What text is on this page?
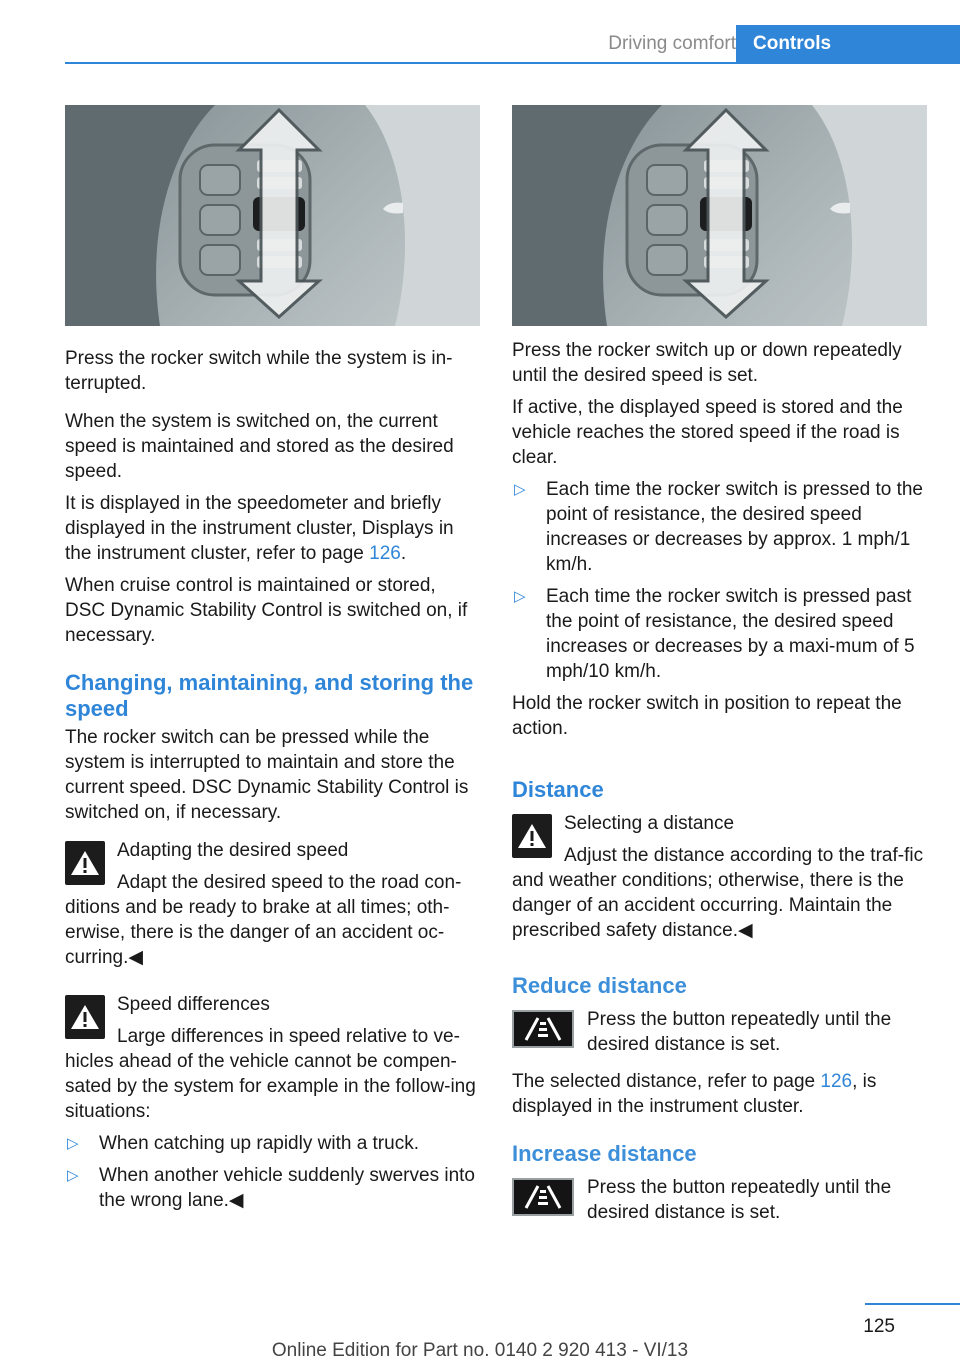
Driving comfort Controls

Press the rocker switch while the system is in‐terrupted.

When the system is switched on, the current speed is maintained and stored as the desired speed.

It is displayed in the speedometer and briefly displayed in the instrument cluster, Displays in the instrument cluster, refer to page 126.

When cruise control is maintained or stored, DSC Dynamic Stability Control is switched on, if necessary.

Changing, maintaining, and storing the speed

The rocker switch can be pressed while the system is interrupted to maintain and store the current speed. DSC Dynamic Stability Control is switched on, if necessary.

Adapting the desired speed

Adapt the desired speed to the road con‐ditions and be ready to brake at all times; oth‐erwise, there is the danger of an accident oc‐curring.◀

Speed differences

Large differences in speed relative to ve‐hicles ahead of the vehicle cannot be compen‐sated by the system for example in the follow‐ing situations:

▷ When catching up rapidly with a truck.
▷ When another vehicle suddenly swerves into the wrong lane.◀

Press the rocker switch up or down repeatedly until the desired speed is set.

If active, the displayed speed is stored and the vehicle reaches the stored speed if the road is clear.

▷ Each time the rocker switch is pressed to the point of resistance, the desired speed increases or decreases by approx. 1 mph/1 km/h.
▷ Each time the rocker switch is pressed past the point of resistance, the desired speed increases or decreases by a maxi‐mum of 5 mph/10 km/h.

Hold the rocker switch in position to repeat the action.

Distance

Selecting a distance

Adjust the distance according to the traf‐fic and weather conditions; otherwise, there is the danger of an accident occurring. Maintain the prescribed safety distance.◀

Reduce distance

Press the button repeatedly until the desired distance is set.

The selected distance, refer to page 126, is displayed in the instrument cluster.

Increase distance

Press the button repeatedly until the desired distance is set.

125
Online Edition for Part no. 0140 2 920 413 - VI/13
